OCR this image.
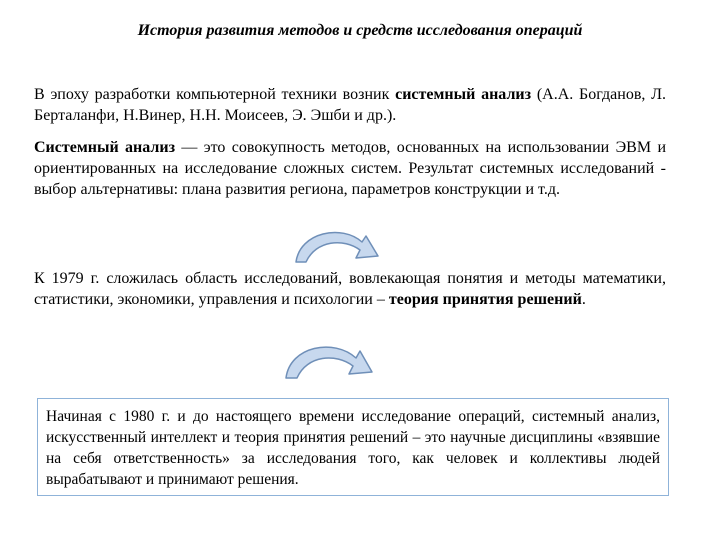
История развития методов и средств исследования операций

В эпоху разработки компьютерной техники возник системный анализ (А.А. Богданов, Л. Берталанфи, Н.Винер, Н.Н. Моисеев, Э. Эшби и др.).

Системный анализ — это совокупность методов, основанных на использовании ЭВМ и ориентированных на исследование сложных систем. Результат системных исследований - выбор альтернативы: плана развития региона, параметров конструкции и т.д.

К 1979 г. сложилась область исследований, вовлекающая понятия и методы математики, статистики, экономики, управления и психологии – теория принятия решений.

Начиная с 1980 г. и до настоящего времени исследование операций, системный анализ, искусственный интеллект и теория принятия решений – это научные дисциплины «взявшие на себя ответственность» за исследования того, как человек и коллективы людей вырабатывают и принимают решения.
